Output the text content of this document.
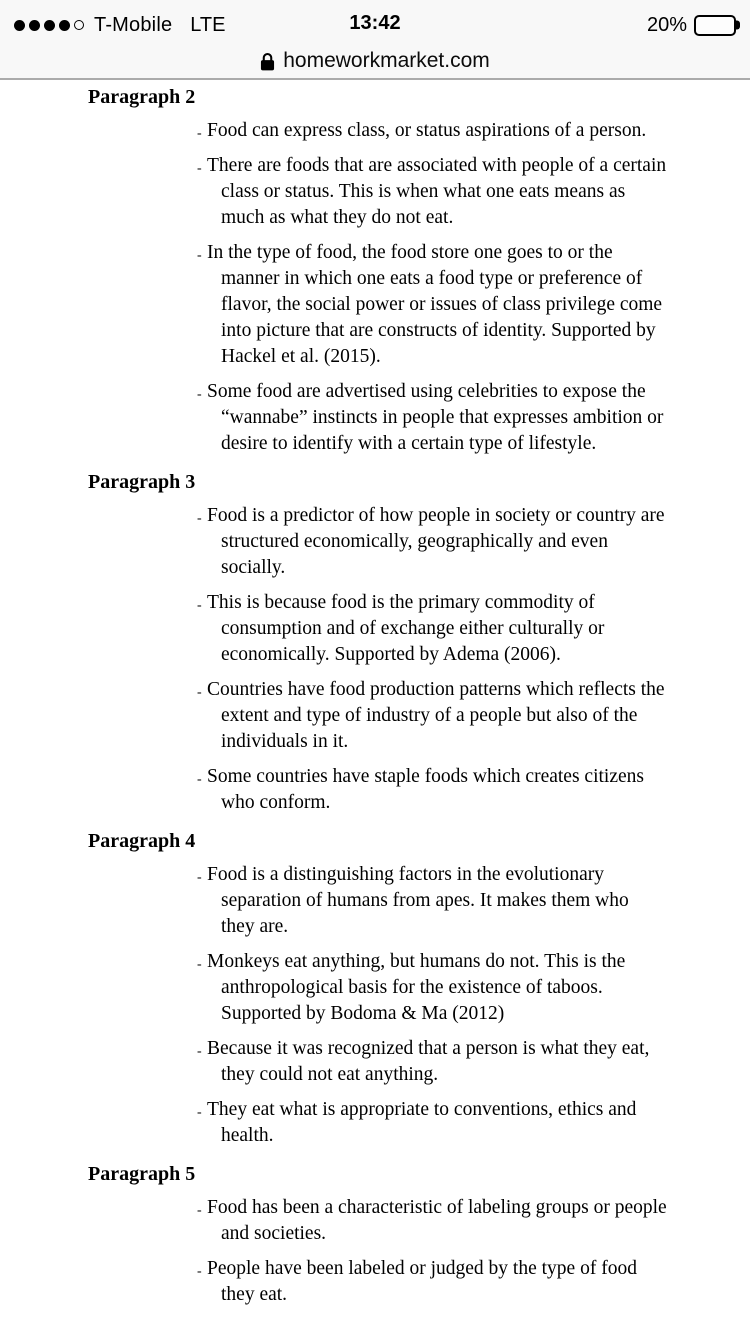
T-Mobile LTE	13:42	20%
homeworkmarket.com
Paragraph 2
- Food can express class, or status aspirations of a person.
- There are foods that are associated with people of a certain class or status. This is when what one eats means as much as what they do not eat.
- In the type of food, the food store one goes to or the manner in which one eats a food type or preference of flavor, the social power or issues of class privilege come into picture that are constructs of identity. Supported by Hackel et al. (2015).
- Some food are advertised using celebrities to expose the “wannabe” instincts in people that expresses ambition or desire to identify with a certain type of lifestyle.
Paragraph 3
- Food is a predictor of how people in society or country are structured economically, geographically and even socially.
- This is because food is the primary commodity of consumption and of exchange either culturally or economically. Supported by Adema (2006).
- Countries have food production patterns which reflects the extent and type of industry of a people but also of the individuals in it.
- Some countries have staple foods which creates citizens who conform.
Paragraph 4
- Food is a distinguishing factors in the evolutionary separation of humans from apes. It makes them who they are.
- Monkeys eat anything, but humans do not. This is the anthropological basis for the existence of taboos. Supported by Bodoma & Ma (2012)
- Because it was recognized that a person is what they eat, they could not eat anything.
- They eat what is appropriate to conventions, ethics and health.
Paragraph 5
- Food has been a characteristic of labeling groups or people and societies.
- People have been labeled or judged by the type of food they eat.
